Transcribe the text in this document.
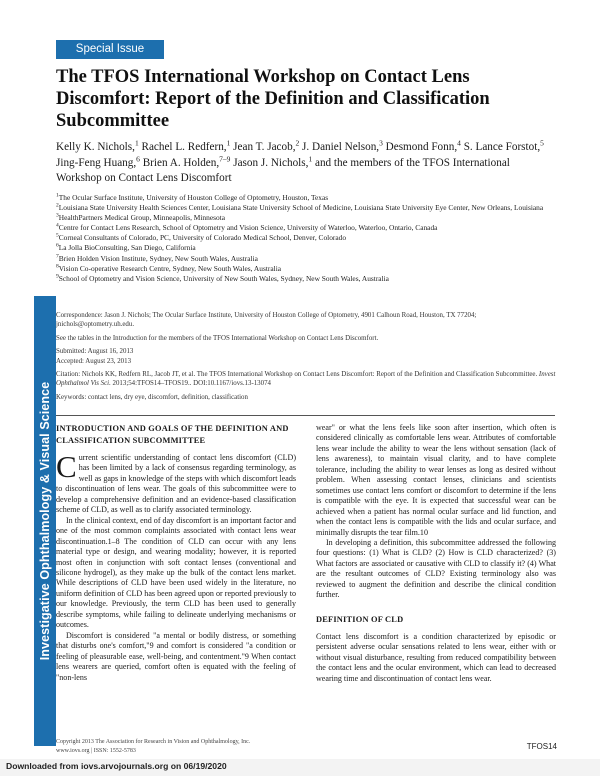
Investigative Ophthalmology & Visual Science
Special Issue
The TFOS International Workshop on Contact Lens Discomfort: Report of the Definition and Classification Subcommittee
Kelly K. Nichols,$^1$ Rachel L. Redfern,$^1$ Jean T. Jacob,$^2$ J. Daniel Nelson,$^3$ Desmond Fonn,$^4$ S. Lance Forstot,$^5$ Jing-Feng Huang,$^6$ Brien A. Holden,$^{7-9}$ Jason J. Nichols,$^1$ and the members of the TFOS International Workshop on Contact Lens Discomfort
$^1$The Ocular Surface Institute, University of Houston College of Optometry, Houston, Texas
$^2$Louisiana State University Health Sciences Center, Louisiana State University School of Medicine, Louisiana State University Eye Center, New Orleans, Louisiana
$^3$HealthPartners Medical Group, Minneapolis, Minnesota
$^4$Centre for Contact Lens Research, School of Optometry and Vision Science, University of Waterloo, Waterloo, Ontario, Canada
$^5$Corneal Consultants of Colorado, PC, University of Colorado Medical School, Denver, Colorado
$^6$La Jolla BioConsulting, San Diego, California
$^7$Brien Holden Vision Institute, Sydney, New South Wales, Australia
$^8$Vision Co-operative Research Centre, Sydney, New South Wales, Australia
$^9$School of Optometry and Vision Science, University of New South Wales, Sydney, New South Wales, Australia

Correspondence: Jason J. Nichols; The Ocular Surface Institute, University of Houston College of Optometry, 4901 Calhoun Road, Houston, TX 77204; jnichols@optometry.uh.edu.

See the tables in the Introduction for the members of the TFOS International Workshop on Contact Lens Discomfort.

Submitted: August 16, 2013

Accepted: August 23, 2013

Citation: Nichols KK, Redfern RL, Jacob JT, et al. The TFOS International Workshop on Contact Lens Discomfort: Report of the Definition and Classification Subcommittee. Invest Ophthalmol Vis Sci. 2013;54:TFOS14–TFOS19.. DOI:10.1167/iovs.13-13074

Keywords: contact lens, dry eye, discomfort, definition, classification

INTRODUCTION AND GOALS OF THE DEFINITION AND CLASSIFICATION SUBCOMMITTEE

Current scientific understanding of contact lens discomfort (CLD) has been limited by a lack of consensus regarding terminology, as well as gaps in knowledge of the steps with which discomfort leads to discontinuation of lens wear. The goals of this subcommittee were to develop a comprehensive definition and an evidence-based classification scheme of CLD, as well as to clarify associated terminology.

In the clinical context, end of day discomfort is an important factor and one of the most common complaints associated with contact lens wear discontinuation.1–8 The condition of CLD can occur with any lens material type or design, and wearing modality; however, it is reported most often in conjunction with soft contact lenses (conventional and silicone hydrogel), as they make up the bulk of the contact lens market. While descriptions of CLD have been used widely in the literature, no uniform definition of CLD has been agreed upon or reported previously to our knowledge. Previously, the term CLD has been used to generally describe symptoms, while failing to delineate underlying mechanisms or outcomes.

Discomfort is considered "a mental or bodily distress, or something that disturbs one's comfort,"9 and comfort is considered "a condition or feeling of pleasurable ease, well-being, and contentment."9 When contact lens wearers are queried, comfort often is equated with the feeling of "non-lens

wear" or what the lens feels like soon after insertion, which often is considered clinically as comfortable lens wear. Attributes of comfortable lens wear include the ability to wear the lens without sensation (lack of lens awareness), to maintain visual clarity, and to have complete tolerance, including the ability to wear lenses as long as desired without problem. When assessing contact lenses, clinicians and scientists sometimes use contact lens comfort or discomfort to determine if the lens is compatible with the eye. It is expected that successful wear can be achieved when a patient has normal ocular surface and lid function, and when the contact lens is compatible with the lids and ocular surface, and minimally disrupts the tear film.10

In developing a definition, this subcommittee addressed the following four questions: (1) What is CLD? (2) How is CLD characterized? (3) What factors are associated or causative with CLD to classify it? (4) What are the resultant outcomes of CLD? Existing terminology also was reviewed to augment the definition and describe the clinical condition further.

DEFINITION OF CLD

Contact lens discomfort is a condition characterized by episodic or persistent adverse ocular sensations related to lens wear, either with or without visual disturbance, resulting from reduced compatibility between the contact lens and the ocular environment, which can lead to decreased wearing time and discontinuation of contact lens wear.

Copyright 2013 The Association for Research in Vision and Ophthalmology, Inc.
www.iovs.org | ISSN: 1552-5783	TFOS14
Downloaded from iovs.arvojournals.org on 06/19/2020
